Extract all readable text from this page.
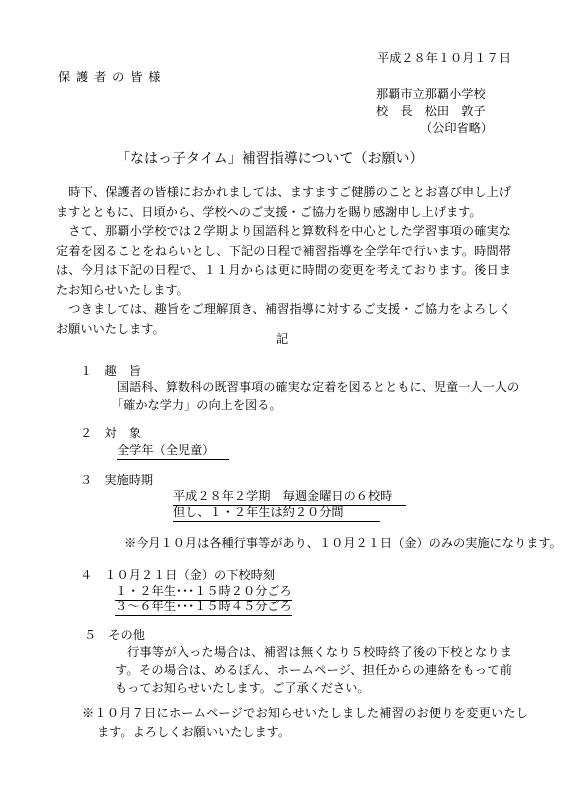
平成２８年１０月１７日
保 護 者 の 皆 様
那覇市立那覇小学校
校　長　松田　敦子
（公印省略）
「なはっ子タイム」補習指導について（お願い）
　時下、保護者の皆様におかれましては、ますますご健勝のこととお喜び申し上げますとともに、日頃から、学校へのご支援・ご協力を賜り感謝申し上げます。
　さて、那覇小学校では２学期より国語科と算数科を中心とした学習事項の確実な定着を図ることをねらいとし、下記の日程で補習指導を全学年で行います。時間帯は、今月は下記の日程で、１１月からは更に時間の変更を考えております。後日またお知らせいたします。
　つきましては、趣旨をご理解頂き、補習指導に対するご支援・ご協力をよろしくお願いいたします。
記
１　趣　旨
国語科、算数科の既習事項の確実な定着を図るとともに、児童一人一人の
「確かな学力」の向上を図る。
２　対　象
全学年（全児童）
３　実施時期
平成２８年２学期　毎週金曜日の６校時
但し、１・２年生は約２０分間
※今月１０月は各種行事等があり、１０月２１日（金）のみの実施になります。
４　１０月２１日（金）の下校時刻
１・２年生･･･１５時２０分ごろ
３～６年生･･･１５時４５分ごろ
５　その他
行事等が入った場合は、補習は無くなり５校時終了後の下校となります。その場合は、めるぽん、ホームページ、担任からの連絡をもって前もってお知らせいたします。ご了承ください。
※１０月７日にホームページでお知らせいたしました補習のお便りを変更いたします。よろしくお願いいたします。
